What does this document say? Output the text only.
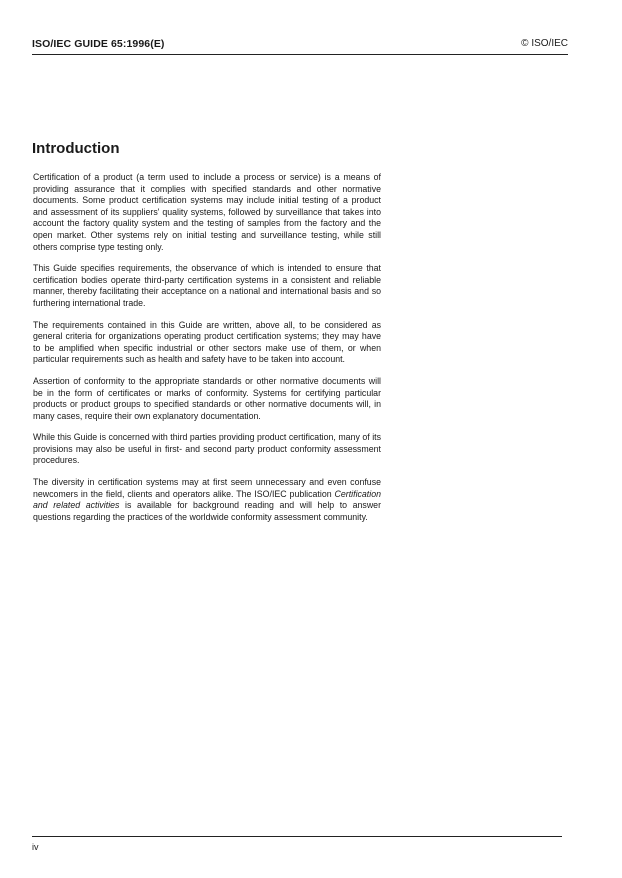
ISO/IEC GUIDE 65:1996(E)	© ISO/IEC
Introduction

Certification of a product (a term used to include a process or service) is a means of providing assurance that it complies with specified standards and other normative documents. Some product certification systems may include initial testing of a product and assessment of its suppliers' quality systems, followed by surveillance that takes into account the factory quality system and the testing of samples from the factory and the open market. Other systems rely on initial testing and surveillance testing, while still others comprise type testing only.

This Guide specifies requirements, the observance of which is intended to ensure that certification bodies operate third-party certification systems in a consistent and reliable manner, thereby facilitating their acceptance on a national and international basis and so furthering international trade.

The requirements contained in this Guide are written, above all, to be considered as general criteria for organizations operating product certification systems; they may have to be amplified when specific industrial or other sectors make use of them, or when particular requirements such as health and safety have to be taken into account.

Assertion of conformity to the appropriate standards or other normative documents will be in the form of certificates or marks of conformity. Systems for certifying particular products or product groups to specified standards or other normative documents will, in many cases, require their own explanatory documentation.

While this Guide is concerned with third parties providing product certification, many of its provisions may also be useful in first- and second party product conformity assessment procedures.

The diversity in certification systems may at first seem unnecessary and even confuse newcomers in the field, clients and operators alike. The ISO/IEC publication Certification and related activities is available for background reading and will help to answer questions regarding the practices of the worldwide conformity assessment community.

iv
